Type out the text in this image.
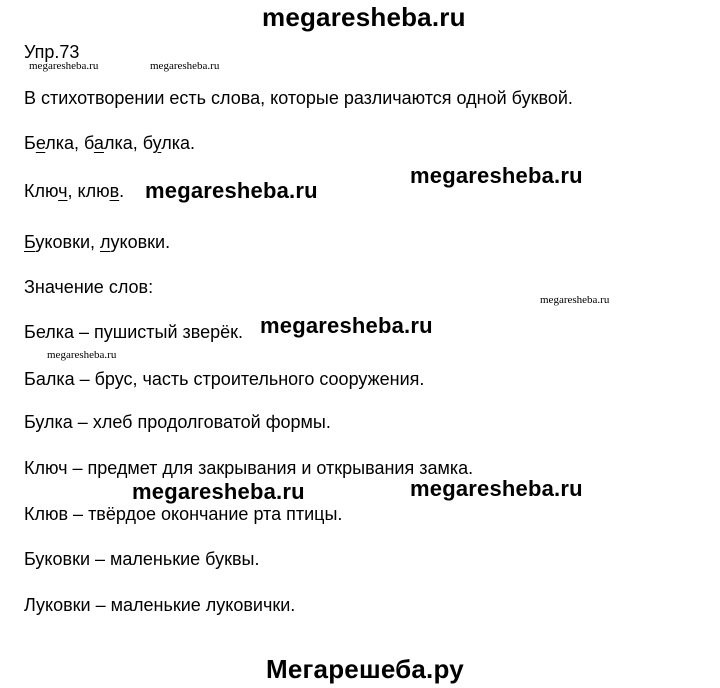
megaresheba.ru
Упр.73
megaresheba.ru	megaresheba.ru
В стихотворении есть слова, которые различаются одной буквой.
Белка, балка, булка.
Ключ, клюв. megaresheba.ru
megaresheba.ru
Буковки, луковки.
Значение слов:
megaresheba.ru
Белка – пушистый зверёк. megaresheba.ru
megaresheba.ru
Балка – брус, часть строительного сооружения.
Булка – хлеб продолговатой формы.
Ключ – предмет для закрывания и открывания замка.
megaresheba.ru	megaresheba.ru
Клюв – твёрдое окончание рта птицы.
Буковки – маленькие буквы.
Луковки – маленькие луковички.
Мегарешеба.ру
